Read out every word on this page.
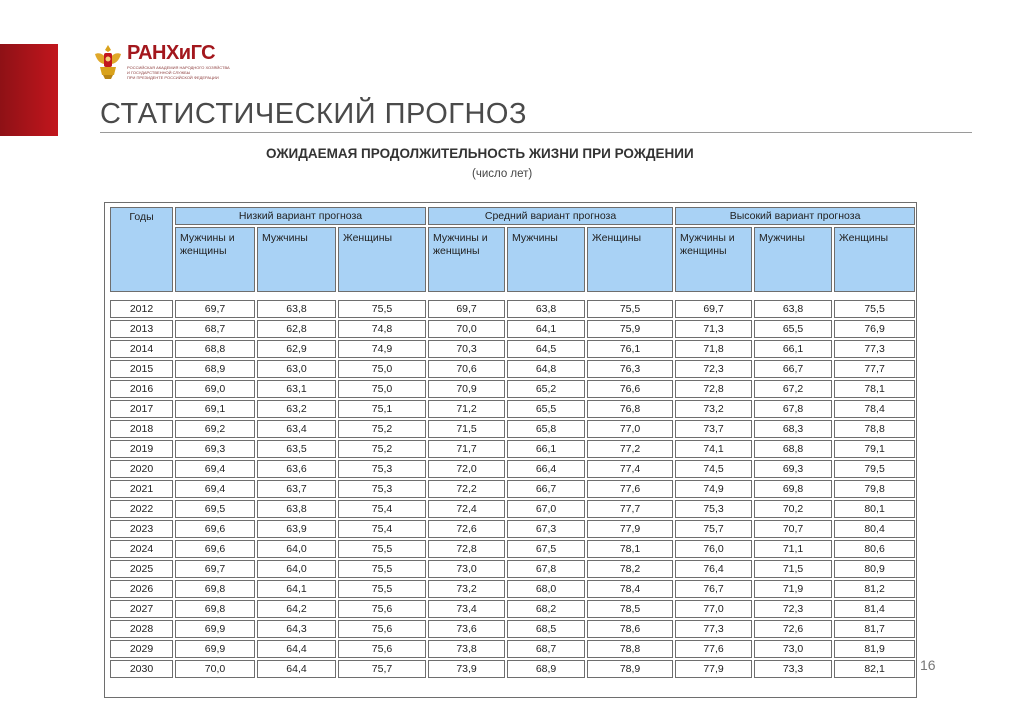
РАНХиГС
РОССИЙСКАЯ АКАДЕМИЯ НАРОДНОГО ХОЗЯЙСТВА
И ГОСУДАРСТВЕННОЙ СЛУЖБЫ
ПРИ ПРЕЗИДЕНТЕ РОССИЙСКОЙ ФЕДЕРАЦИИ
СТАТИСТИЧЕСКИЙ ПРОГНОЗ
ОЖИДАЕМАЯ ПРОДОЛЖИТЕЛЬНОСТЬ ЖИЗНИ ПРИ РОЖДЕНИИ
(число лет)
Годы	Низкий вариант прогноза			Средний вариант прогноза			Высокий вариант прогноза		
	Мужчины и женщины	Мужчины	Женщины	Мужчины и женщины	Мужчины	Женщины	Мужчины и женщины	Мужчины	Женщины

2012	69,7	63,8	75,5	69,7	63,8	75,5	69,7	63,8	75,5
2013	68,7	62,8	74,8	70,0	64,1	75,9	71,3	65,5	76,9
2014	68,8	62,9	74,9	70,3	64,5	76,1	71,8	66,1	77,3
2015	68,9	63,0	75,0	70,6	64,8	76,3	72,3	66,7	77,7
2016	69,0	63,1	75,0	70,9	65,2	76,6	72,8	67,2	78,1
2017	69,1	63,2	75,1	71,2	65,5	76,8	73,2	67,8	78,4
2018	69,2	63,4	75,2	71,5	65,8	77,0	73,7	68,3	78,8
2019	69,3	63,5	75,2	71,7	66,1	77,2	74,1	68,8	79,1
2020	69,4	63,6	75,3	72,0	66,4	77,4	74,5	69,3	79,5
2021	69,4	63,7	75,3	72,2	66,7	77,6	74,9	69,8	79,8
2022	69,5	63,8	75,4	72,4	67,0	77,7	75,3	70,2	80,1
2023	69,6	63,9	75,4	72,6	67,3	77,9	75,7	70,7	80,4
2024	69,6	64,0	75,5	72,8	67,5	78,1	76,0	71,1	80,6
2025	69,7	64,0	75,5	73,0	67,8	78,2	76,4	71,5	80,9
2026	69,8	64,1	75,5	73,2	68,0	78,4	76,7	71,9	81,2
2027	69,8	64,2	75,6	73,4	68,2	78,5	77,0	72,3	81,4
2028	69,9	64,3	75,6	73,6	68,5	78,6	77,3	72,6	81,7
2029	69,9	64,4	75,6	73,8	68,7	78,8	77,6	73,0	81,9
2030	70,0	64,4	75,7	73,9	68,9	78,9	77,9	73,3	82,1	16
